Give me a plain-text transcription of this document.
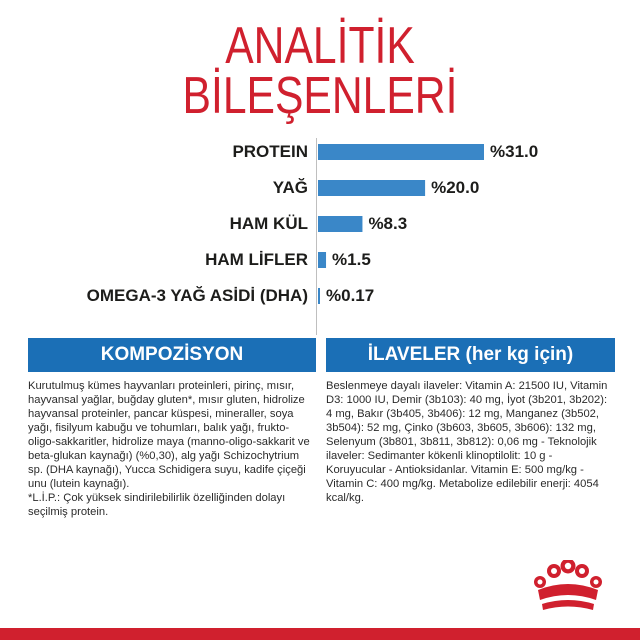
ANALİTİK
BİLEŞENLERİ
PROTEIN	%31.0
YAĞ	%20.0
HAM KÜL	%8.3
HAM LİFLER %1.5
OMEGA-3 YAĞ ASİDİ (DHA) %0.17
KOMPOZİSYON	İLAVELER (her kg için)

Kurutulmuş kümes hayvanları proteinleri, pirinç, mısır, hayvansal yağlar, buğday gluten*, mısır gluten, hidrolize hayvansal proteinler, pancar küspesi, mineraller, soya yağı, fisilyum kabuğu ve tohumları, balık yağı, frukto-oligo-sakkaritler, hidrolize maya (manno-oligo-sakkarit ve beta-glukan kaynağı) (%0,30), alg yağı Schizochytrium sp. (DHA kaynağı), Yucca Schidigera suyu, kadife çiçeği unu (lutein kaynağı).

*L.İ.P.: Çok yüksek sindirilebilirlik özelliğinden dolayı seçilmiş protein.

Beslenmeye dayalı ilaveler: Vitamin A: 21500 IU, Vitamin D3: 1000 IU, Demir (3b103): 40 mg, İyot (3b201, 3b202): 4 mg, Bakır (3b405, 3b406): 12 mg, Manganez (3b502, 3b504): 52 mg, Çinko (3b603, 3b605, 3b606): 132 mg, Selenyum (3b801, 3b811, 3b812): 0,06 mg - Teknolojik ilaveler: Sedimanter kökenli klinoptilolit: 10 g - Koruyucular - Antioksidanlar. Vitamin E: 500 mg/kg - Vitamin C: 400 mg/kg. Metabolize edilebilir enerji: 4054 kcal/kg.
